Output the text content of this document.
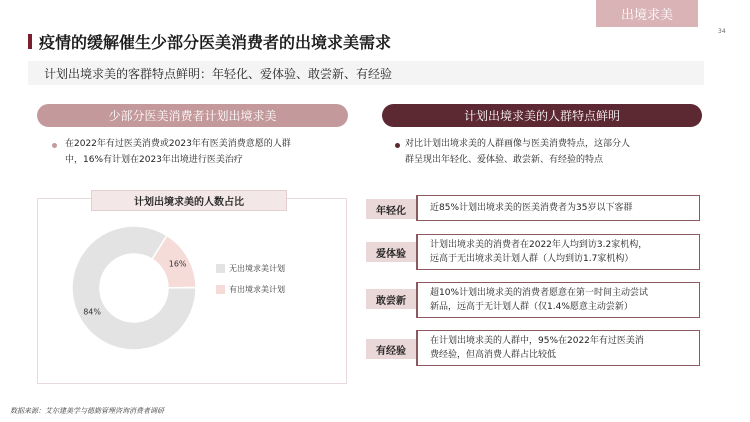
出境求美
34
疫情的缓解催生少部分医美消费者的出境求美需求
计划出境求美的客群特点鲜明：年轻化、爱体验、敢尝新、有经验
少部分医美消费者计划出境求美
在2022年有过医美消费或2023年有医美消费意愿的人群
中，16%有计划在2023年出境进行医美治疗
计划出境求美的人数占比
84%
16%	无出境求美计划
有出境求美计划
计划出境求美的人群特点鲜明
对比计划出境求美的人群画像与医美消费特点，这部分人
群呈现出年轻化、爱体验、敢尝新、有经验的特点
年轻化	近85%计划出境求美的医美消费者为35岁以下客群
爱体验
计划出境求美的消费者在2022年人均到访3.2家机构，
远高于无出境求美计划人群（人均到访1.7家机构）
敢尝新
超10%计划出境求美的消费者愿意在第一时间主动尝试
新品，远高于无计划人群（仅1.4%愿意主动尝新）
有经验
在计划出境求美的人群中，95%在2022年有过医美消
费经验，但高消费人群占比较低
数据来源：艾尔建美学与德勤管理咨询消费者调研
